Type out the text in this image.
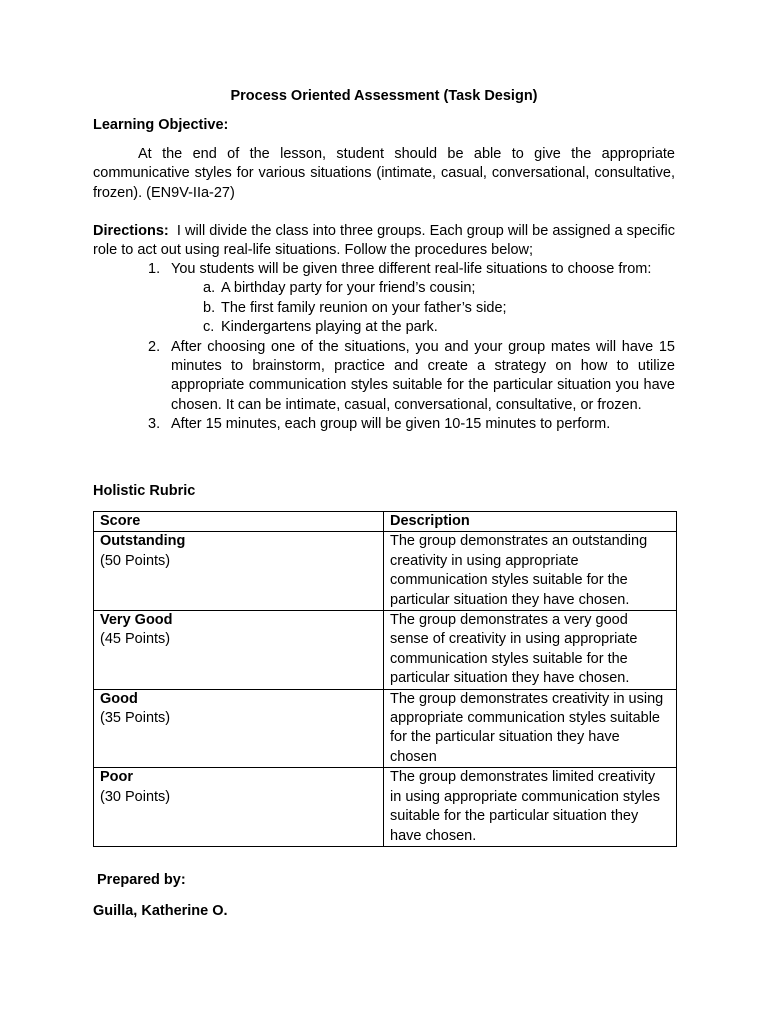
Process Oriented Assessment (Task Design)
Learning Objective:

At the end of the lesson, student should be able to give the appropriate communicative styles for various situations (intimate, casual, conversational, consultative, frozen). (EN9V-IIa-27)

Directions: I will divide the class into three groups. Each group will be assigned a specific role to act out using real-life situations. Follow the procedures below;

1. You students will be given three different real-life situations to choose from:
a. A birthday party for your friend’s cousin;
b. The first family reunion on your father’s side;
c. Kindergartens playing at the park.
2. After choosing one of the situations, you and your group mates will have 15 minutes to brainstorm, practice and create a strategy on how to utilize appropriate communication styles suitable for the particular situation you have chosen. It can be intimate, casual, conversational, consultative, or frozen.
3. After 15 minutes, each group will be given 10-15 minutes to perform.
Holistic Rubric
Score	Description

Outstanding
(50 Points)	The group demonstrates an outstanding creativity in using appropriate communication styles suitable for the particular situation they have chosen.

Very Good
(45 Points)	The group demonstrates a very good sense of creativity in using appropriate communication styles suitable for the particular situation they have chosen.

Good
(35 Points)	The group demonstrates creativity in using appropriate communication styles suitable for the particular situation they have chosen

Poor
(30 Points)	The group demonstrates limited creativity in using appropriate communication styles suitable for the particular situation they have chosen.
Prepared by:
Guilla, Katherine O.
